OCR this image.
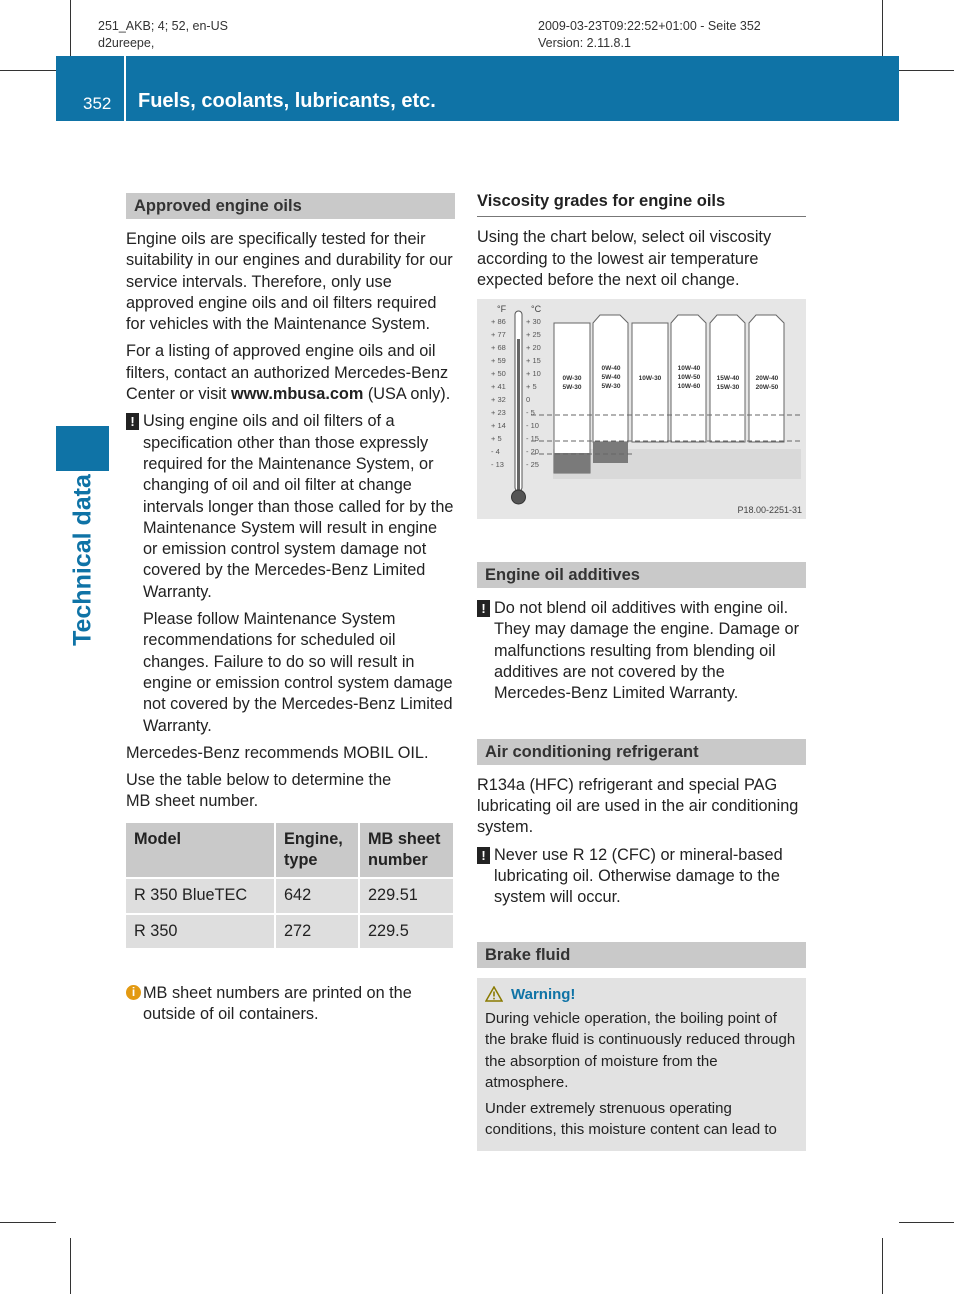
251_AKB; 4; 52, en-US
d2ureepe,
2009-03-23T09:22:52+01:00 - Seite 352
Version: 2.11.8.1
352 Fuels, coolants, lubricants, etc.
Technical data
Approved engine oils

Engine oils are specifically tested for their suitability in our engines and durability for our service intervals. Therefore, only use approved engine oils and oil filters required for vehicles with the Maintenance System.

For a listing of approved engine oils and oil filters, contact an authorized Mercedes-Benz Center or visit www.mbusa.com (USA only).

! Using engine oils and oil filters of a specification other than those expressly required for the Maintenance System, or changing of oil and oil filter at change intervals longer than those called for by the Maintenance System will result in engine or emission control system damage not covered by the Mercedes-Benz Limited Warranty.

Please follow Maintenance System recommendations for scheduled oil changes. Failure to do so will result in engine or emission control system damage not covered by the Mercedes-Benz Limited Warranty.

Mercedes-Benz recommends MOBIL OIL.

Use the table below to determine the MB sheet number.

Model	Engine, type	MB sheet number
R 350 BlueTEC	642	229.51
R 350	272	229.5
i MB sheet numbers are printed on the outside of oil containers.

Viscosity grades for engine oils

Using the chart below, select oil viscosity according to the lowest air temperature expected before the next oil change.

°F	°C
+ 86
+ 77
+ 68
+ 59
+ 50
+ 41
+ 32
+ 23
+ 14
+ 5
- 4
- 13
+ 30
+ 25
+ 20
+ 15
+ 10
+ 5
0
- 5
- 10
- 15
- 20
- 25
0W-30
5W-30
0W-40
5W-40
5W-30
10W-30
10W-40
10W-50
10W-60
15W-40
15W-30
20W-40
20W-50
P18.00-2251-31
Engine oil additives
! Do not blend oil additives with engine oil. They may damage the engine. Damage or malfunctions resulting from blending oil additives are not covered by the Mercedes-Benz Limited Warranty.

Air conditioning refrigerant

R134a (HFC) refrigerant and special PAG lubricating oil are used in the air conditioning system.

! Never use R 12 (CFC) or mineral-based lubricating oil. Otherwise damage to the system will occur.

Brake fluid
Warning!

During vehicle operation, the boiling point of the brake fluid is continuously reduced through the absorption of moisture from the atmosphere.

Under extremely strenuous operating conditions, this moisture content can lead to
